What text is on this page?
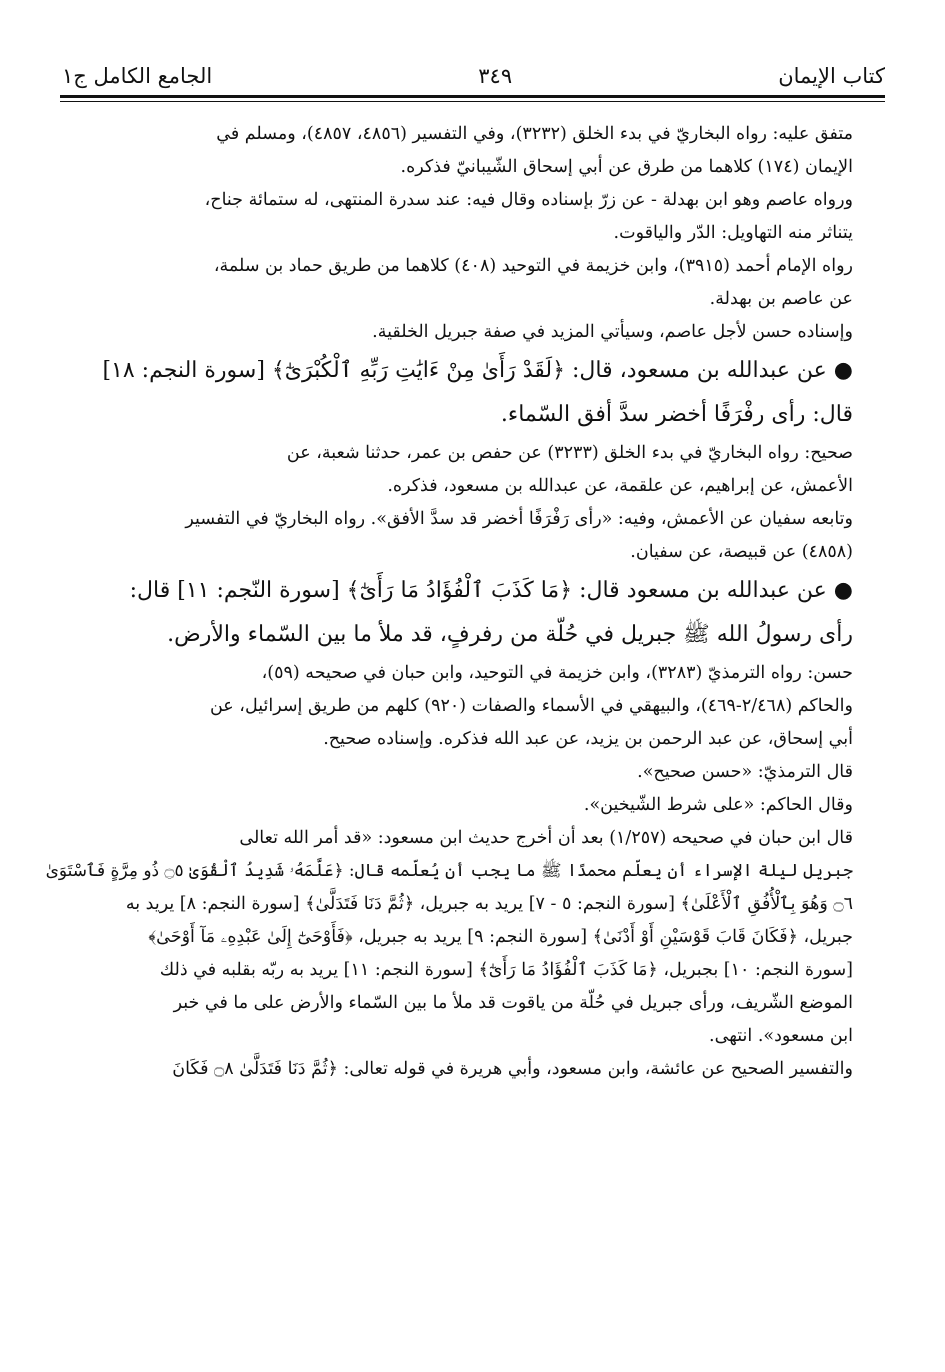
كتاب الإيمان
٣٤٩
الجامع الكامل ج١
متفق عليه: رواه البخاريّ في بدء الخلق (٣٢٣٢)، وفي التفسير (٤٨٥٦، ٤٨٥٧)، ومسلم في
الإيمان (١٧٤) كلاهما من طرق عن أبي إسحاق الشّيبانيّ فذكره.
ورواه عاصم وهو ابن بهدلة - عن زرّ بإسناده وقال فيه: عند سدرة المنتهى، له ستمائة جناح،
يتناثر منه التهاويل: الدّر والياقوت.
رواه الإمام أحمد (٣٩١٥)، وابن خزيمة في التوحيد (٤٠٨) كلاهما من طريق حماد بن سلمة،
عن عاصم بن بهدلة.
وإسناده حسن لأجل عاصم، وسيأتي المزيد في صفة جبريل الخلقية.
● عن عبدالله بن مسعود، قال: ﴿لَقَدْ رَأَىٰ مِنْ ءَايَٰتِ رَبِّهِ ٱلْكُبْرَىٰٓ﴾ [سورة النجم: ١٨]
قال: رأى رفْرَفًا أخضر سدَّ أفق السّماء.
صحيح: رواه البخاريّ في بدء الخلق (٣٢٣٣) عن حفص بن عمر، حدثنا شعبة، عن
الأعمش، عن إبراهيم، عن علقمة، عن عبدالله بن مسعود، فذكره.
وتابعه سفيان عن الأعمش، وفيه: «رأى رَفْرَفًا أخضر قد سدَّ الأفق». رواه البخاريّ في التفسير
(٤٨٥٨) عن قبيصة، عن سفيان.
● عن عبدالله بن مسعود قال: ﴿مَا كَذَبَ ٱلْفُؤَادُ مَا رَأَىٰٓ﴾ [سورة النّجم: ١١] قال:
رأى رسولُ الله ﷺ جبريل في حُلّة من رفرفٍ، قد ملأ ما بين السّماء والأرض.
حسن: رواه الترمذيّ (٣٢٨٣)، وابن خزيمة في التوحيد، وابن حبان في صحيحه (٥٩)،
والحاكم (٢/٤٦٨-٤٦٩)، والبيهقي في الأسماء والصفات (٩٢٠) كلهم من طريق إسرائيل، عن
أبي إسحاق، عن عبد الرحمن بن يزيد، عن عبد الله فذكره. وإسناده صحيح.
قال الترمذيّ: «حسن صحيح».
وقال الحاكم: «على شرط الشّيخين».
قال ابن حبان في صحيحه (١/٢٥٧) بعد أن أخرج حديث ابن مسعود: «قد أمر الله تعالى
جبريل ليلة الإسراء أن يعلّم محمدًا ﷺ ما يجب أن يُعلّمه قال: ﴿عَلَّمَهُۥ شَدِيدُ ٱلْقُوَىٰ ۝٥ ذُو مِرَّةٍ فَٱسْتَوَىٰ
۝٦ وَهُوَ بِٱلْأُفُقِ ٱلْأَعْلَىٰ﴾ [سورة النجم: ٥ - ٧] يريد به جبريل، ﴿ثُمَّ دَنَا فَتَدَلَّىٰ﴾ [سورة النجم: ٨] يريد به
جبريل، ﴿فَكَانَ قَابَ قَوْسَيْنِ أَوْ أَدْنَىٰ﴾ [سورة النجم: ٩] يريد به جبريل، ﴿فَأَوْحَىٰٓ إِلَىٰ عَبْدِهِۦ مَآ أَوْحَىٰ﴾
[سورة النجم: ١٠] بجبريل، ﴿مَا كَذَبَ ٱلْفُؤَادُ مَا رَأَىٰٓ﴾ [سورة النجم: ١١] يريد به ربّه بقلبه في ذلك
الموضع الشّريف، ورأى جبريل في حُلّة من ياقوت قد ملأ ما بين السّماء والأرض على ما في خبر
ابن مسعود». انتهى.
والتفسير الصحيح عن عائشة، وابن مسعود، وأبي هريرة في قوله تعالى: ﴿ثُمَّ دَنَا فَتَدَلَّىٰ ۝٨ فَكَانَ
